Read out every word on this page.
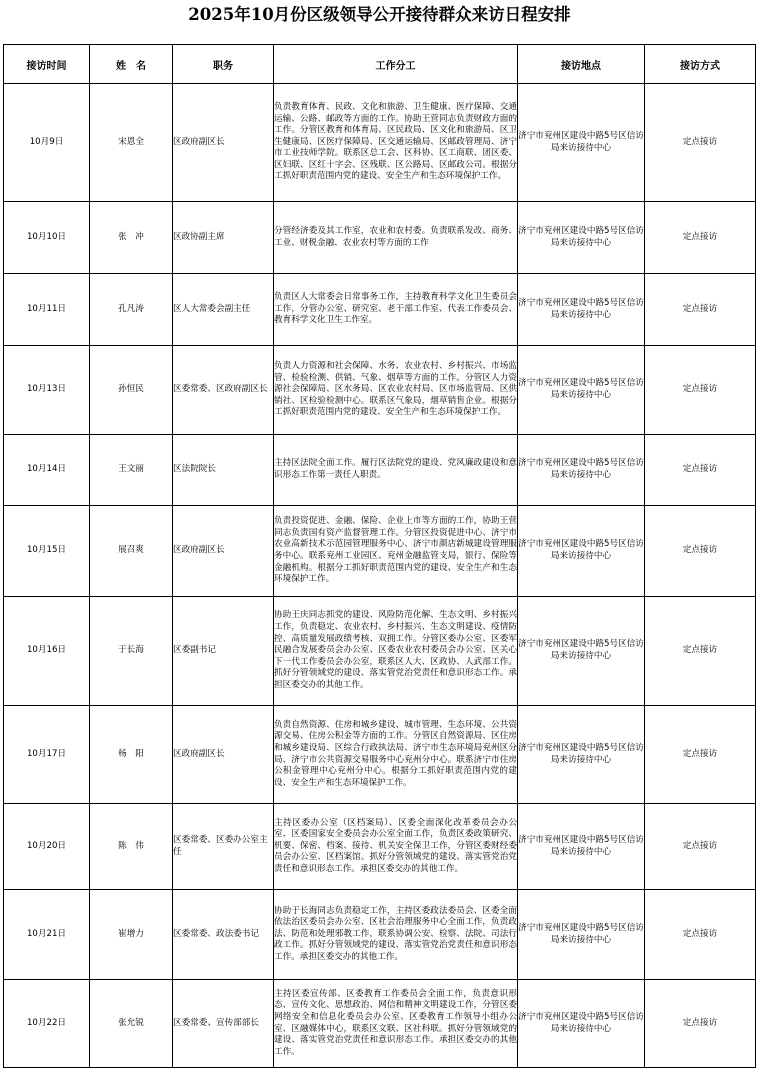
2025年10月份区级领导公开接待群众来访日程安排
接访时间	姓　名	职务	工作分工	接访地点	接访方式
10月9日	宋恩全	区政府副区长	负责教育体育、民政、文化和旅游、卫生健康、医疗保障、交通运输、公路、邮政等方面的工作。协助王营同志负责财政方面的工作。分管区教育和体育局、区民政局、区文化和旅游局、区卫生健康局、区医疗保障局、区交通运输局、区邮政管理局、济宁市工业技师学院。联系区总工会、区科协、区工商联、团区委、区妇联、区红十字会、区残联、区公路局、区邮政公司。根据分工抓好职责范围内党的建设、安全生产和生态环境保护工作。	济宁市兖州区建设中路5号区信访局来访接待中心	定点接访
10月10日	张　冲	区政协副主席	分管经济委及其工作室，农业和农村委。负责联系发改、商务、工业、财税金融、农业农村等方面的工作	济宁市兖州区建设中路5号区信访局来访接待中心	定点接访
10月11日	孔凡涛	区人大常委会副主任	负责区人大常委会日常事务工作，主持教育科学文化卫生委员会工作，分管办公室、研究室、老干部工作室、代表工作委员会、教育科学文化卫生工作室。	济宁市兖州区建设中路5号区信访局来访接待中心	定点接访
10月13日	孙恒民	区委常委、区政府副区长	负责人力资源和社会保障、水务、农业农村、乡村振兴、市场监管、检验检测、供销、气象、烟草等方面的工作。分管区人力资源社会保障局、区水务局、区农业农村局、区市场监管局、区供销社、区检验检测中心。联系区气象局，烟草销售企业。根据分工抓好职责范围内党的建设、安全生产和生态环境保护工作。	济宁市兖州区建设中路5号区信访局来访接待中心	定点接访
10月14日	王文丽	区法院院长	主持区法院全面工作。履行区法院党的建设、党风廉政建设和意识形态工作第一责任人职责。	济宁市兖州区建设中路5号区信访局来访接待中心	定点接访
10月15日	展召爽	区政府副区长	负责投资促进、金融、保险、企业上市等方面的工作，协助王营同志负责国有资产监督管理工作。分管区投资促进中心、济宁市农业高新技术示范园管理服务中心、济宁市颜店新城建设管理服务中心。联系兖州工业园区、兖州金融监管支局，银行、保险等金融机构。根据分工抓好职责范围内党的建设、安全生产和生态环境保护工作。	济宁市兖州区建设中路5号区信访局来访接待中心	定点接访
10月16日	于长海	区委副书记	协助王庆同志抓党的建设、风险防范化解、生态文明、乡村振兴工作，负责稳定、农业农村、乡村振兴、生态文明建设、疫情防控、高质量发展政绩考核、双拥工作。分管区委办公室、区委军民融合发展委员会办公室、区委农业农村委员会办公室、区关心下一代工作委员会办公室，联系区人大、区政协、人武部工作。抓好分管领域党的建设、落实管党治党责任和意识形态工作。承担区委交办的其他工作。	济宁市兖州区建设中路5号区信访局来访接待中心	定点接访
10月17日	杨　阳	区政府副区长	负责自然资源、住房和城乡建设、城市管理、生态环境、公共资源交易、住房公积金等方面的工作。分管区自然资源局、区住房和城乡建设局、区综合行政执法局、济宁市生态环境局兖州区分局、济宁市公共资源交易服务中心兖州分中心。联系济宁市住房公积金管理中心兖州分中心。根据分工抓好职责范围内党的建设、安全生产和生态环境保护工作。	济宁市兖州区建设中路5号区信访局来访接待中心	定点接访
10月20日	陈　伟	区委常委、区委办公室主任	主持区委办公室（区档案局）、区委全面深化改革委员会办公室、区委国家安全委员会办公室全面工作，负责区委政策研究、机要、保密、档案、接待、机关安全保卫工作，分管区委财经委员会办公室、区档案馆。抓好分管领域党的建设、落实管党治党责任和意识形态工作。承担区委交办的其他工作。	济宁市兖州区建设中路5号区信访局来访接待中心	定点接访
10月21日	崔增力	区委常委、政法委书记	协助于长海同志负责稳定工作，主持区委政法委员会、区委全面依法治区委员会办公室、区社会治理服务中心全面工作，负责政法、防范和处理邪教工作，联系协调公安、检察、法院、司法行政工作。抓好分管领域党的建设、落实管党治党责任和意识形态工作。承担区委交办的其他工作。	济宁市兖州区建设中路5号区信访局来访接待中心	定点接访
10月22日	张允锐	区委常委、宣传部部长	主持区委宣传部、区委教育工作委员会全面工作，负责意识形态、宣传文化、思想政治、网信和精神文明建设工作，分管区委网络安全和信息化委员会办公室、区委教育工作领导小组办公室、区融媒体中心，联系区文联、区社科联。抓好分管领域党的建设、落实管党治党责任和意识形态工作。承担区委交办的其他工作。	济宁市兖州区建设中路5号区信访局来访接待中心	定点接访
